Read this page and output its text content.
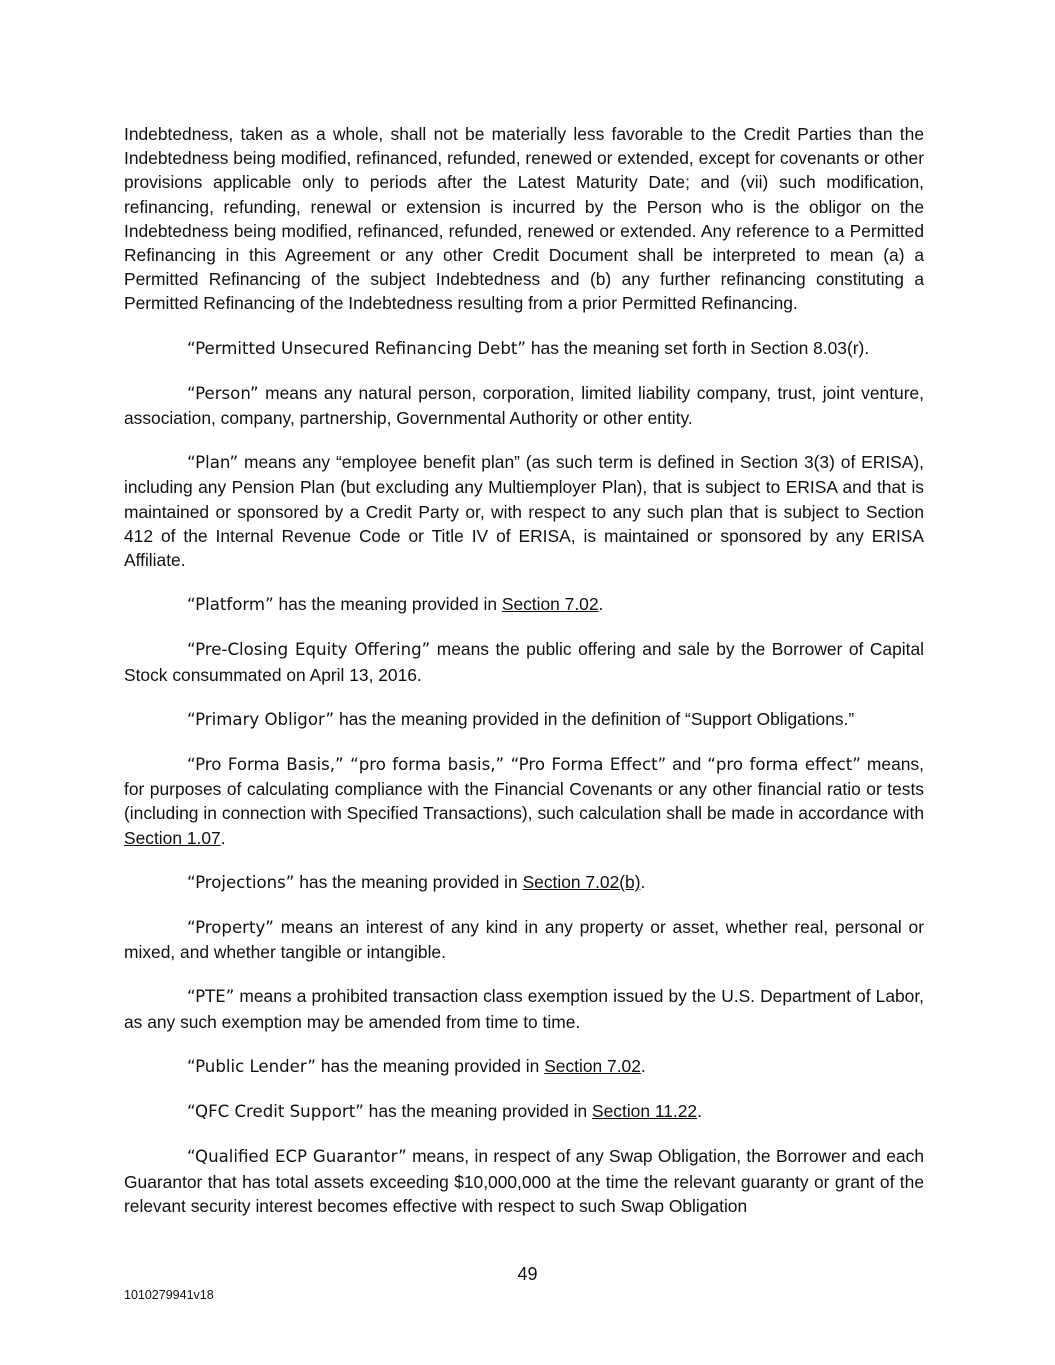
Indebtedness, taken as a whole, shall not be materially less favorable to the Credit Parties than the Indebtedness being modified, refinanced, refunded, renewed or extended, except for covenants or other provisions applicable only to periods after the Latest Maturity Date; and (vii) such modification, refinancing, refunding, renewal or extension is incurred by the Person who is the obligor on the Indebtedness being modified, refinanced, refunded, renewed or extended. Any reference to a Permitted Refinancing in this Agreement or any other Credit Document shall be interpreted to mean (a) a Permitted Refinancing of the subject Indebtedness and (b) any further refinancing constituting a Permitted Refinancing of the Indebtedness resulting from a prior Permitted Refinancing.

“Permitted Unsecured Refinancing Debt” has the meaning set forth in Section 8.03(r).

“Person” means any natural person, corporation, limited liability company, trust, joint venture, association, company, partnership, Governmental Authority or other entity.

“Plan” means any “employee benefit plan” (as such term is defined in Section 3(3) of ERISA), including any Pension Plan (but excluding any Multiemployer Plan), that is subject to ERISA and that is maintained or sponsored by a Credit Party or, with respect to any such plan that is subject to Section 412 of the Internal Revenue Code or Title IV of ERISA, is maintained or sponsored by any ERISA Affiliate.

“Platform” has the meaning provided in Section 7.02.

“Pre-Closing Equity Offering” means the public offering and sale by the Borrower of Capital Stock consummated on April 13, 2016.

“Primary Obligor” has the meaning provided in the definition of “Support Obligations.”

“Pro Forma Basis,” “pro forma basis,” “Pro Forma Effect” and “pro forma effect” means, for purposes of calculating compliance with the Financial Covenants or any other financial ratio or tests (including in connection with Specified Transactions), such calculation shall be made in accordance with Section 1.07.

“Projections” has the meaning provided in Section 7.02(b).

“Property” means an interest of any kind in any property or asset, whether real, personal or mixed, and whether tangible or intangible.

“PTE” means a prohibited transaction class exemption issued by the U.S. Department of Labor, as any such exemption may be amended from time to time.

“Public Lender” has the meaning provided in Section 7.02.

“QFC Credit Support” has the meaning provided in Section 11.22.

“Qualified ECP Guarantor” means, in respect of any Swap Obligation, the Borrower and each Guarantor that has total assets exceeding $10,000,000 at the time the relevant guaranty or grant of the relevant security interest becomes effective with respect to such Swap Obligation

49
1010279941v18
